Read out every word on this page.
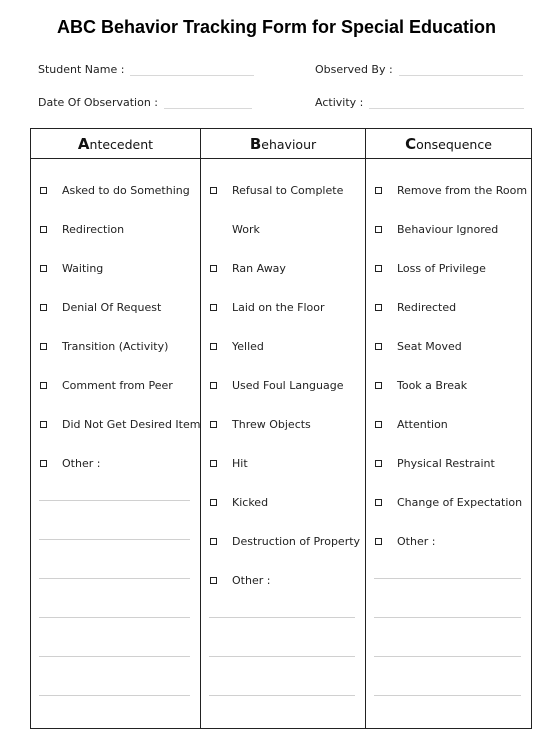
ABC Behavior Tracking Form for Special Education
Student Name :	Observed By :
Date Of Observation :	Activity :
Antecedent
Asked to do Something
Redirection
Waiting
Denial Of Request
Transition (Activity)
Comment from Peer
Did Not Get Desired Item
Other :
Behaviour
Refusal to Complete
Work
Ran Away
Laid on the Floor
Yelled
Used Foul Language
Threw Objects
Hit
Kicked
Destruction of Property
Other :
Consequence
Remove from the Room
Behaviour Ignored
Loss of Privilege
Redirected
Seat Moved
Took a Break
Attention
Physical Restraint
Change of Expectation
Other :
